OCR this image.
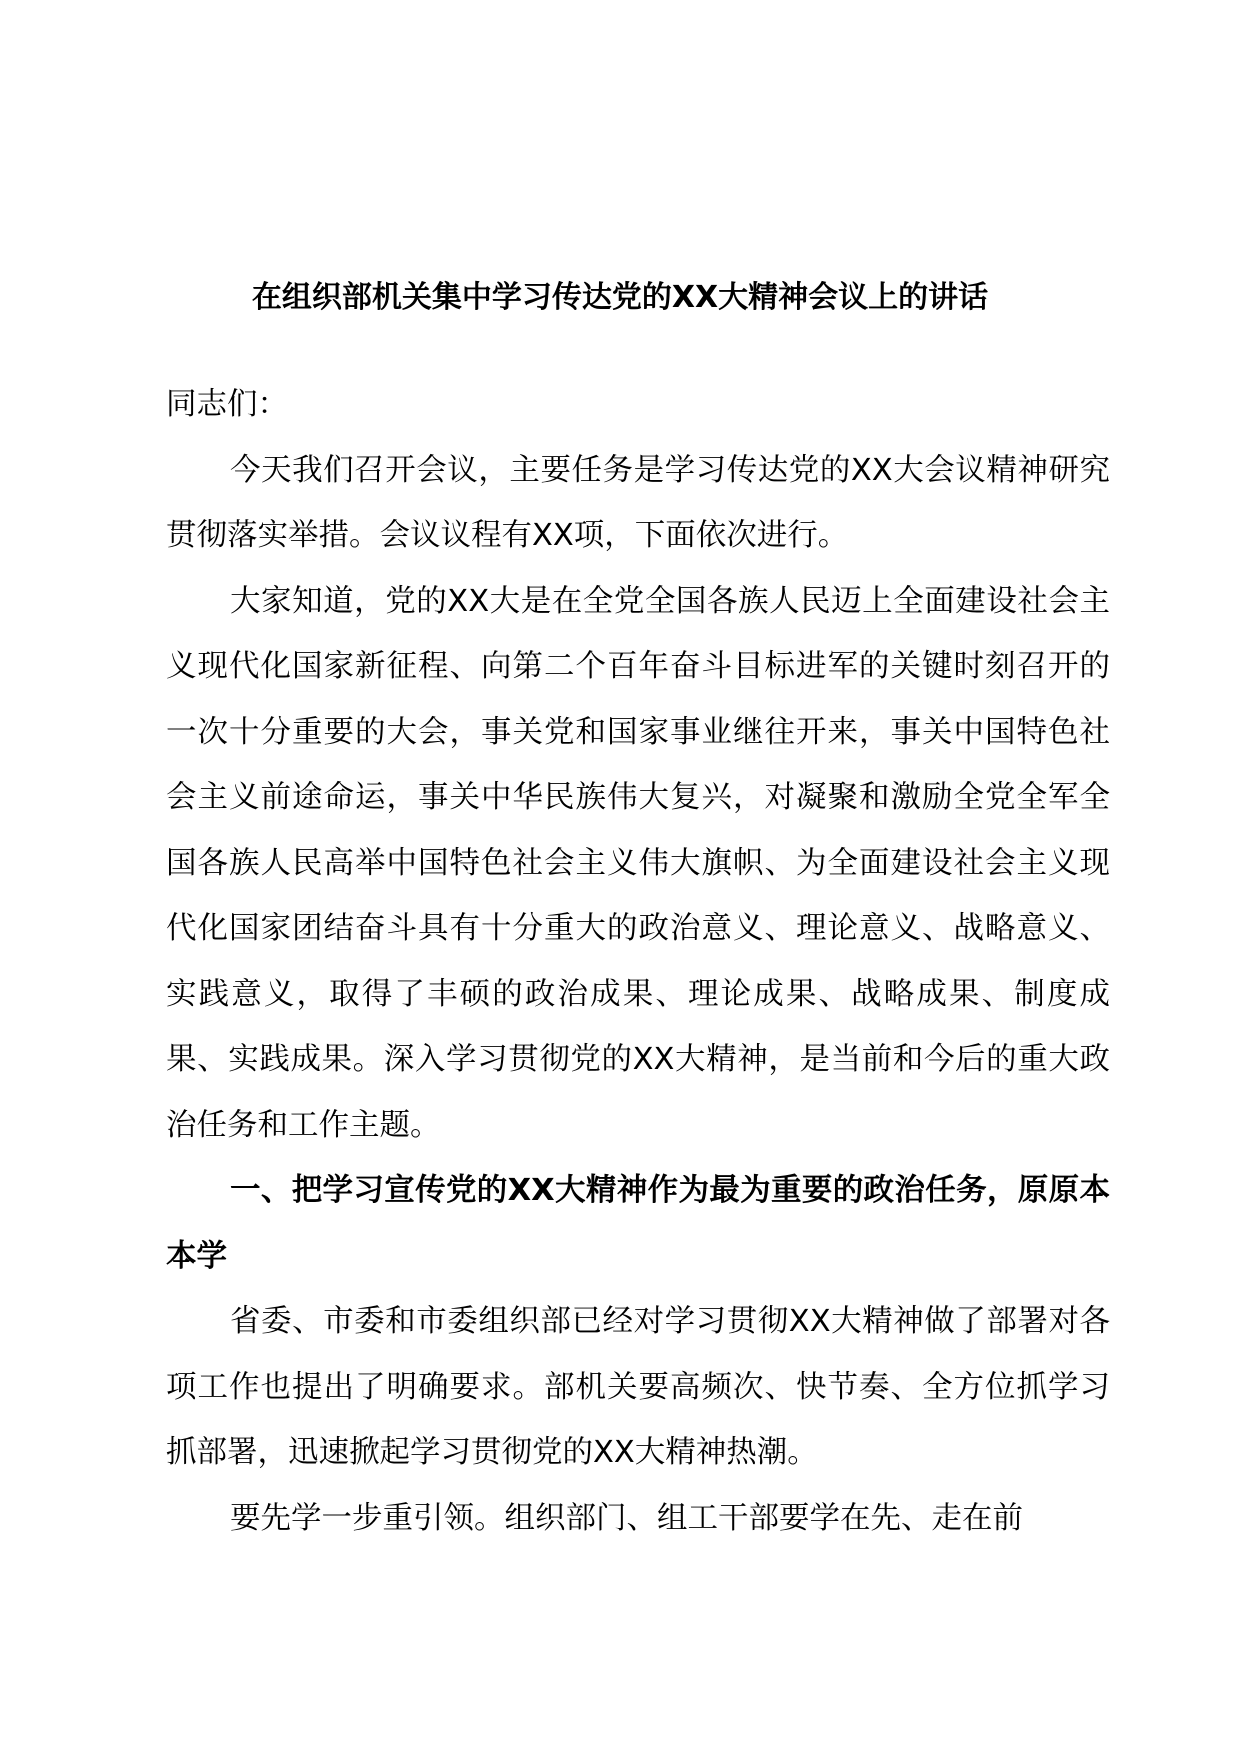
在组织部机关集中学习传达党的XX大精神会议上的讲话

同志们：

今天我们召开会议，主要任务是学习传达党的XX大会议精神研究贯彻落实举措。会议议程有XX项，下面依次进行。

大家知道，党的XX大是在全党全国各族人民迈上全面建设社会主义现代化国家新征程、向第二个百年奋斗目标进军的关键时刻召开的一次十分重要的大会，事关党和国家事业继往开来，事关中国特色社会主义前途命运，事关中华民族伟大复兴，对凝聚和激励全党全军全国各族人民高举中国特色社会主义伟大旗帜、为全面建设社会主义现代化国家团结奋斗具有十分重大的政治意义、理论意义、战略意义、实践意义，取得了丰硕的政治成果、理论成果、战略成果、制度成果、实践成果。深入学习贯彻党的XX大精神，是当前和今后的重大政治任务和工作主题。

一、把学习宣传党的XX大精神作为最为重要的政治任务，原原本本学

省委、市委和市委组织部已经对学习贯彻XX大精神做了部署对各项工作也提出了明确要求。部机关要高频次、快节奏、全方位抓学习抓部署，迅速掀起学习贯彻党的XX大精神热潮。

要先学一步重引领。组织部门、组工干部要学在先、走在前
